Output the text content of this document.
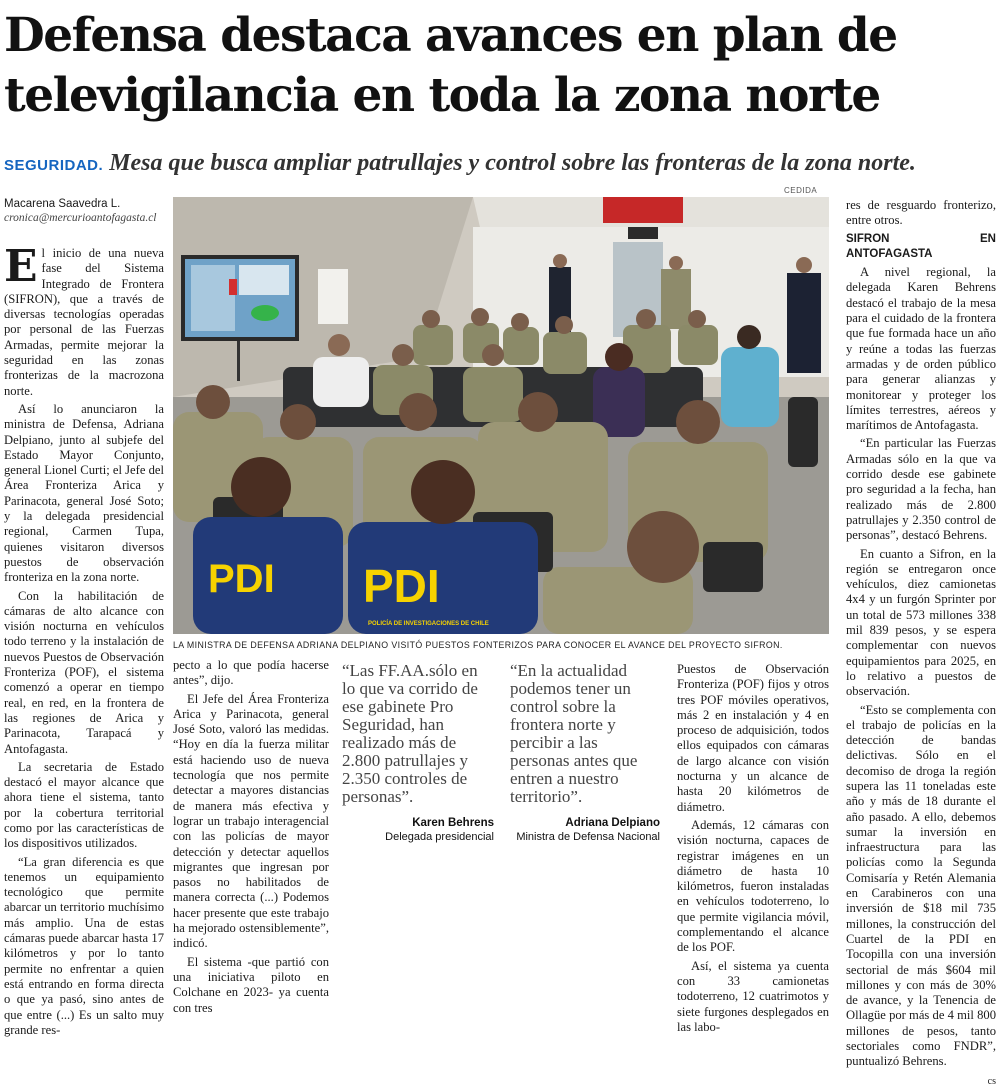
Defensa destaca avances en plan de televigilancia en toda la zona norte
SEGURIDAD. Mesa que busca ampliar patrullajes y control sobre las fronteras de la zona norte.
Macarena Saavedra L.
cronica@mercurioantofagasta.cl

El inicio de una nueva fase del Sistema Integrado de Frontera (SIFRON), que a través de diversas tecnologías operadas por personal de las Fuerzas Armadas, permite mejorar la seguridad en las zonas fronterizas de la macrozona norte.

Así lo anunciaron la ministra de Defensa, Adriana Delpiano, junto al subjefe del Estado Mayor Conjunto, general Lionel Curti; el Jefe del Área Fronteriza Arica y Parinacota, general José Soto; y la delegada presidencial regional, Carmen Tupa, quienes visitaron diversos puestos de observación fronteriza en la zona norte.

Con la habilitación de cámaras de alto alcance con visión nocturna en vehículos todo terreno y la instalación de nuevos Puestos de Observación Fronteriza (POF), el sistema comenzó a operar en tiempo real, en red, en la frontera de las regiones de Arica y Parinacota, Tarapacá y Antofagasta.

La secretaria de Estado destacó el mayor alcance que ahora tiene el sistema, tanto por la cobertura territorial como por las características de los dispositivos utilizados.

“La gran diferencia es que tenemos un equipamiento tecnológico que permite abarcar un territorio muchísimo más amplio. Una de estas cámaras puede abarcar hasta 17 kilómetros y por lo tanto permite no enfrentar a quien está entrando en forma directa o que ya pasó, sino antes de que entre (...) Es un salto muy grande res-

CEDIDA
PDI PDI
POLICÍA DE INVESTIGACIONES DE CHILE
LA MINISTRA DE DEFENSA ADRIANA DELPIANO VISITÓ PUESTOS FONTERIZOS PARA CONOCER EL AVANCE DEL PROYECTO SIFRON.

pecto a lo que podía hacerse antes”, dijo.

El Jefe del Área Fronteriza Arica y Parinacota, general José Soto, valoró las medidas. “Hoy en día la fuerza militar está haciendo uso de nueva tecnología que nos permite detectar a mayores distancias de manera más efectiva y lograr un trabajo interagencial con las policías de mayor detección y detectar aquellos migrantes que ingresan por pasos no habilitados de manera correcta (...) Podemos hacer presente que este trabajo ha mejorado ostensiblemente”, indicó.

El sistema -que partió con una iniciativa piloto en Colchane en 2023- ya cuenta con tres

“Las FF.AA.sólo en lo que va corrido de ese gabinete Pro Seguridad, han realizado más de 2.800 patrullajes y 2.350 controles de personas”.
Karen Behrens
Delegada presidencial
“En la actualidad podemos tener un control sobre la frontera norte y percibir a las personas antes que entren a nuestro territorio”.
Adriana Delpiano
Ministra de Defensa Nacional

Puestos de Observación Fronteriza (POF) fijos y otros tres POF móviles operativos, más 2 en instalación y 4 en proceso de adquisición, todos ellos equipados con cámaras de largo alcance con visión nocturna y un alcance de hasta 20 kilómetros de diámetro.

Además, 12 cámaras con visión nocturna, capaces de registrar imágenes en un diámetro de hasta 10 kilómetros, fueron instaladas en vehículos todoterreno, lo que permite vigilancia móvil, complementando el alcance de los POF.

Así, el sistema ya cuenta con 33 camionetas todoterreno, 12 cuatrimotos y siete furgones desplegados en las labo-

res de resguardo fronterizo, entre otros.

SIFRON EN ANTOFAGASTA

A nivel regional, la delegada Karen Behrens destacó el trabajo de la mesa para el cuidado de la frontera que fue formada hace un año y reúne a todas las fuerzas armadas y de orden público para generar alianzas y monitorear y proteger los límites terrestres, aéreos y marítimos de Antofagasta.

“En particular las Fuerzas Armadas sólo en la que va corrido desde ese gabinete pro seguridad a la fecha, han realizado más de 2.800 patrullajes y 2.350 control de personas”, destacó Behrens.

En cuanto a Sifron, en la región se entregaron once vehículos, diez camionetas 4x4 y un furgón Sprinter por un total de 573 millones 338 mil 839 pesos, y se espera complementar con nuevos equipamientos para 2025, en lo relativo a puestos de observación.

“Esto se complementa con el trabajo de policías en la detección de bandas delictivas. Sólo en el decomiso de droga la región supera las 11 toneladas este año y más de 18 durante el año pasado. A ello, debemos sumar la inversión en infraestructura para las policías como la Segunda Comisaría y Retén Alemania en Carabineros con una inversión de $18 mil 735 millones, la construcción del Cuartel de la PDI en Tocopilla con una inversión sectorial de más $604 mil millones y con más de 30% de avance, y la Tenencia de Ollagüe por más de 4 mil 800 millones de pesos, tanto sectoriales como FNDR”, puntualizó Behrens.

cs
